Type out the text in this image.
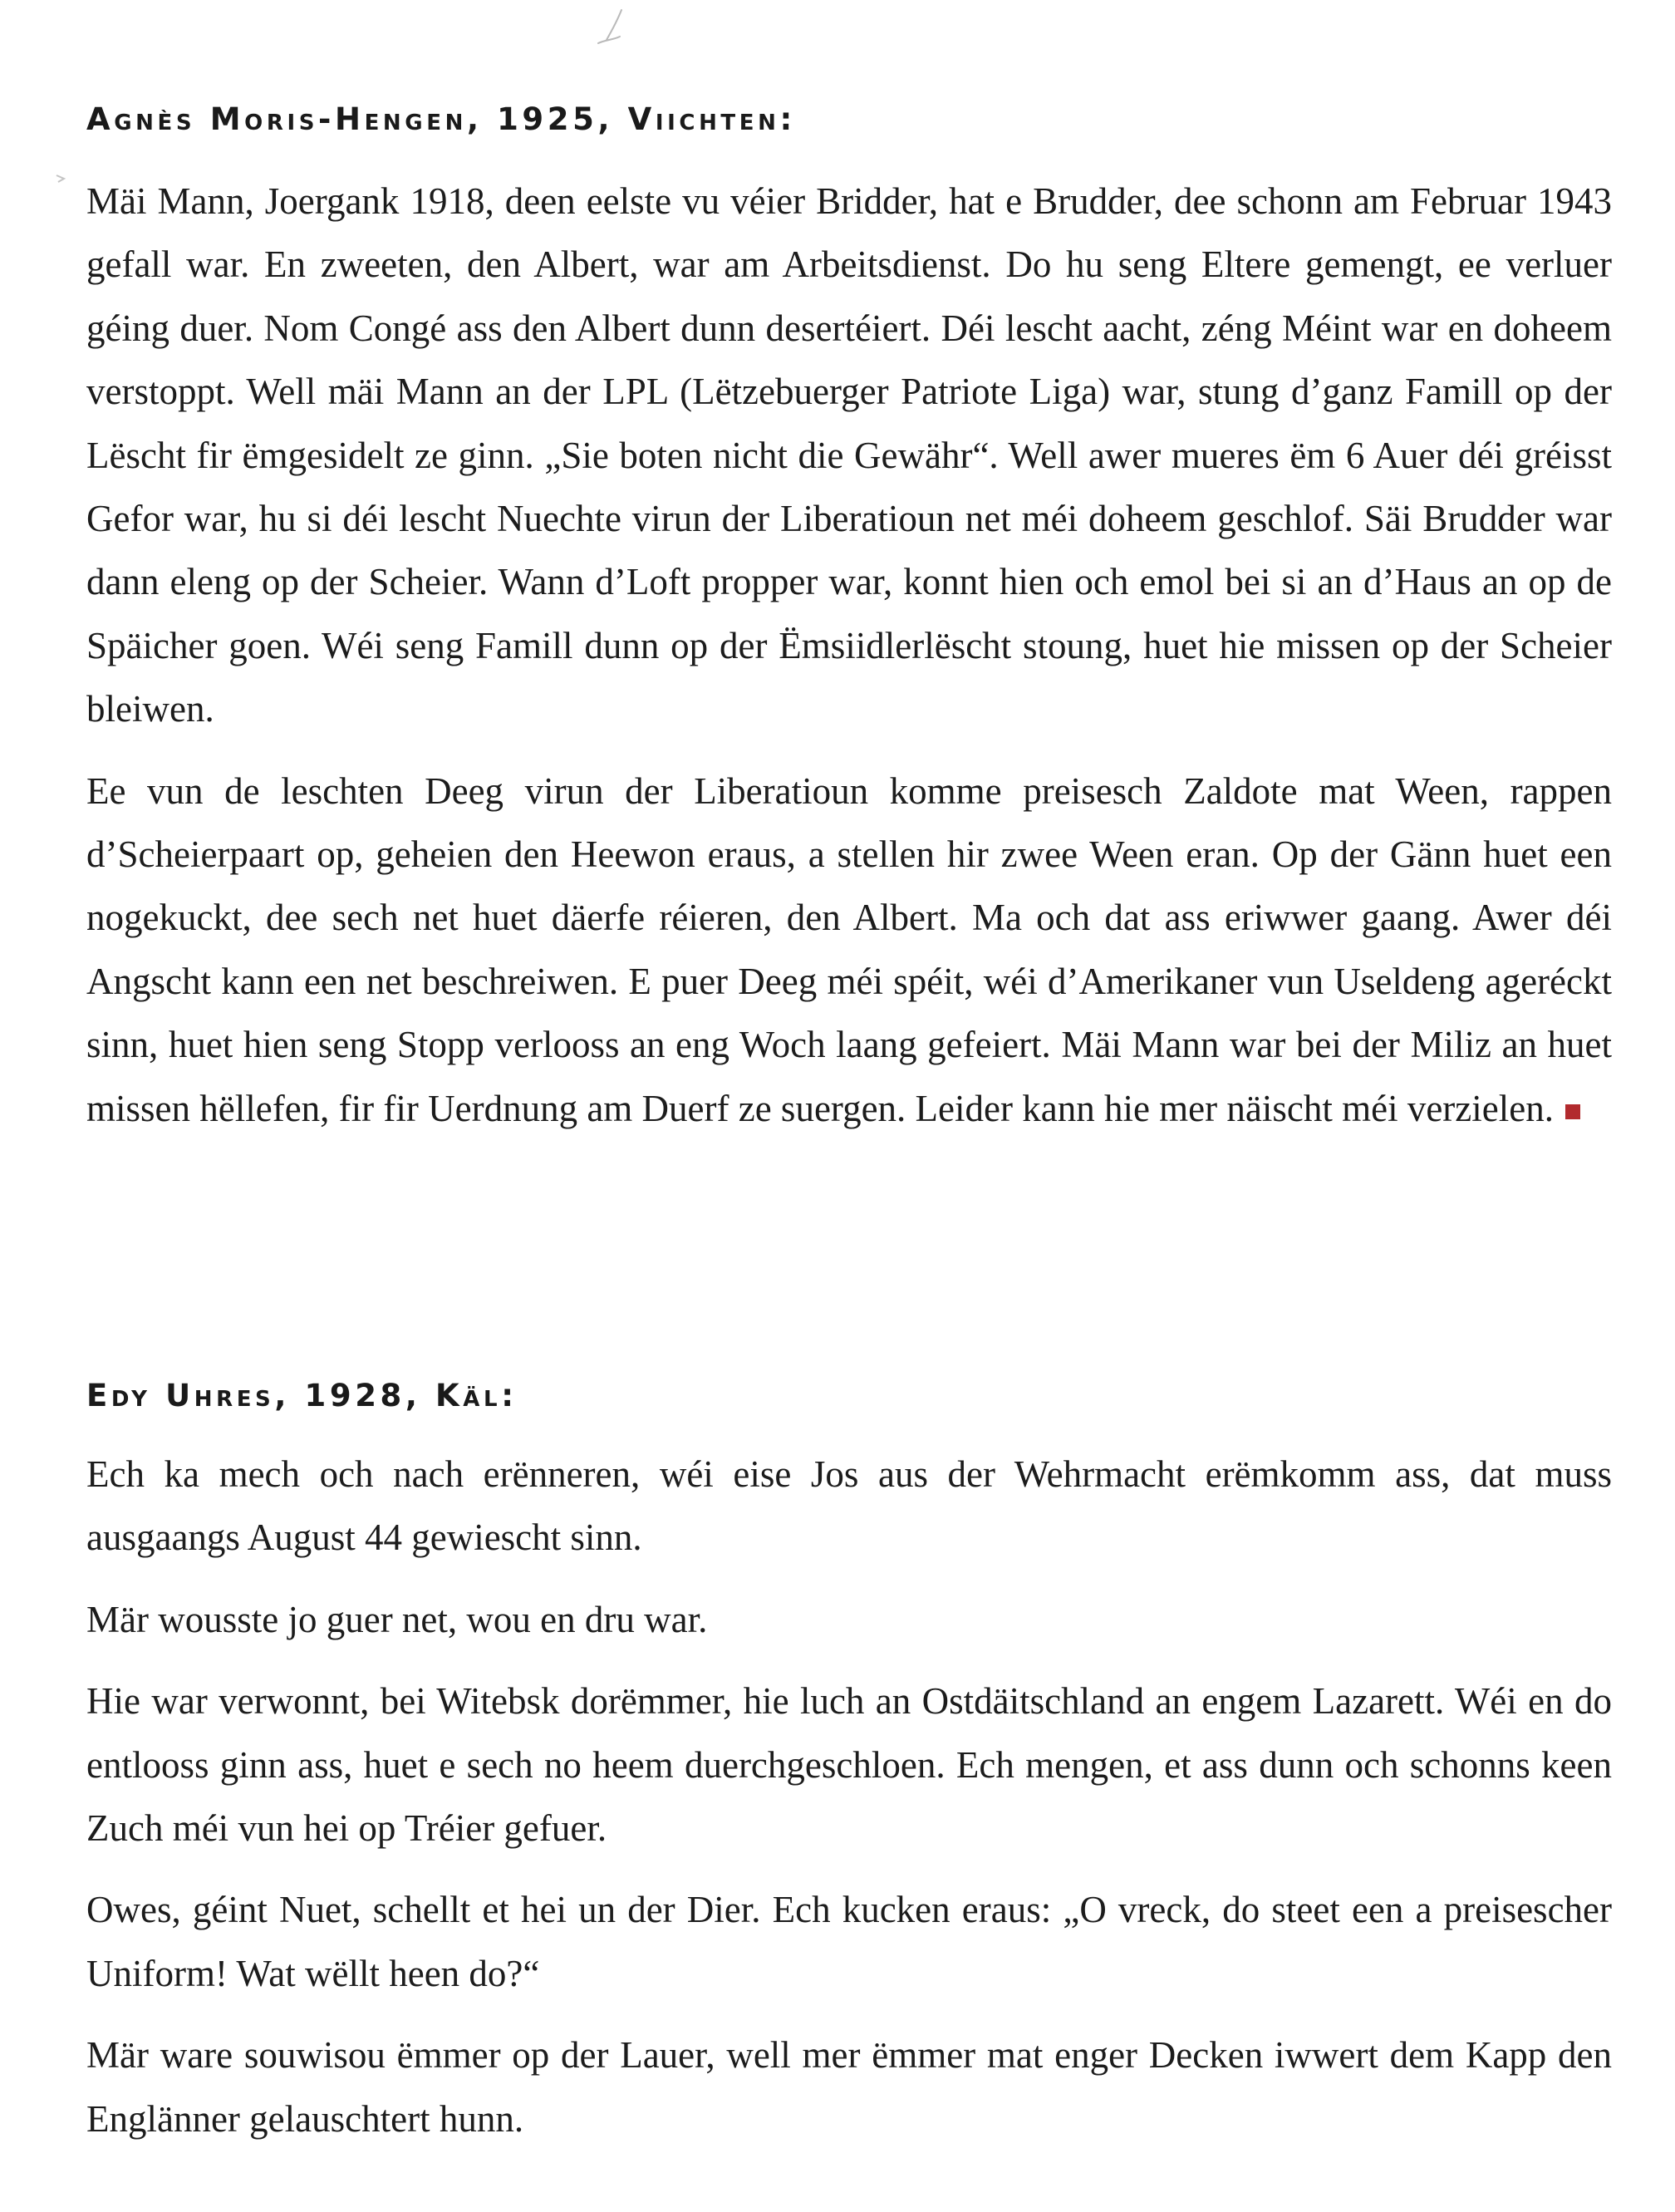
Agnès Moris-Hengen, 1925, Viichten:

Mäi Mann, Joergank 1918, deen eelste vu véier Bridder, hat e Brudder, dee schonn am Februar 1943 gefall war. En zweeten, den Albert, war am Arbeitsdienst. Do hu seng Eltere gemengt, ee verluer géing duer. Nom Congé ass den Albert dunn desertéiert. Déi lescht aacht, zéng Méint war en doheem verstoppt. Well mäi Mann an der LPL (Lëtzebuerger Patriote Liga) war, stung d’ganz Famill op der Lëscht fir ëmgesidelt ze ginn. „Sie boten nicht die Gewähr“. Well awer mueres ëm 6 Auer déi gréisst Gefor war, hu si déi lescht Nuechte virun der Liberatioun net méi doheem geschlof. Säi Brudder war dann eleng op der Scheier. Wann d’Loft propper war, konnt hien och emol bei si an d’Haus an op de Späicher goen. Wéi seng Famill dunn op der Ëmsiidlerlëscht stoung, huet hie missen op der Scheier bleiwen.

Ee vun de leschten Deeg virun der Liberatioun komme preisesch Zaldote mat Ween, rappen d’Scheierpaart op, geheien den Heewon eraus, a stellen hir zwee Ween eran. Op der Gänn huet een nogekuckt, dee sech net huet däerfe réieren, den Albert. Ma och dat ass eriwwer gaang. Awer déi Angscht kann een net beschreiwen. E puer Deeg méi spéit, wéi d’Amerikaner vun Useldeng ageréckt sinn, huet hien seng Stopp verlooss an eng Woch laang gefeiert. Mäi Mann war bei der Miliz an huet missen hëllefen, fir fir Uerdnung am Duerf ze suergen. Leider kann hie mer näischt méi verzielen.

Edy Uhres, 1928, Käl:

Ech ka mech och nach erënneren, wéi eise Jos aus der Wehrmacht erëmkomm ass, dat muss ausgaangs August 44 gewiescht sinn.

Mär wousste jo guer net, wou en dru war.

Hie war verwonnt, bei Witebsk dorëmmer, hie luch an Ostdäitschland an engem Lazarett. Wéi en do entlooss ginn ass, huet e sech no heem duerchgeschloen. Ech mengen, et ass dunn och schonns keen Zuch méi vun hei op Tréier gefuer.

Owes, géint Nuet, schellt et hei un der Dier. Ech kucken eraus: „O vreck, do steet een a preisescher Uniform! Wat wëllt heen do?“

Mär ware souwisou ëmmer op der Lauer, well mer ëmmer mat enger Decken iwwert dem Kapp den Englänner gelauschtert hunn.
